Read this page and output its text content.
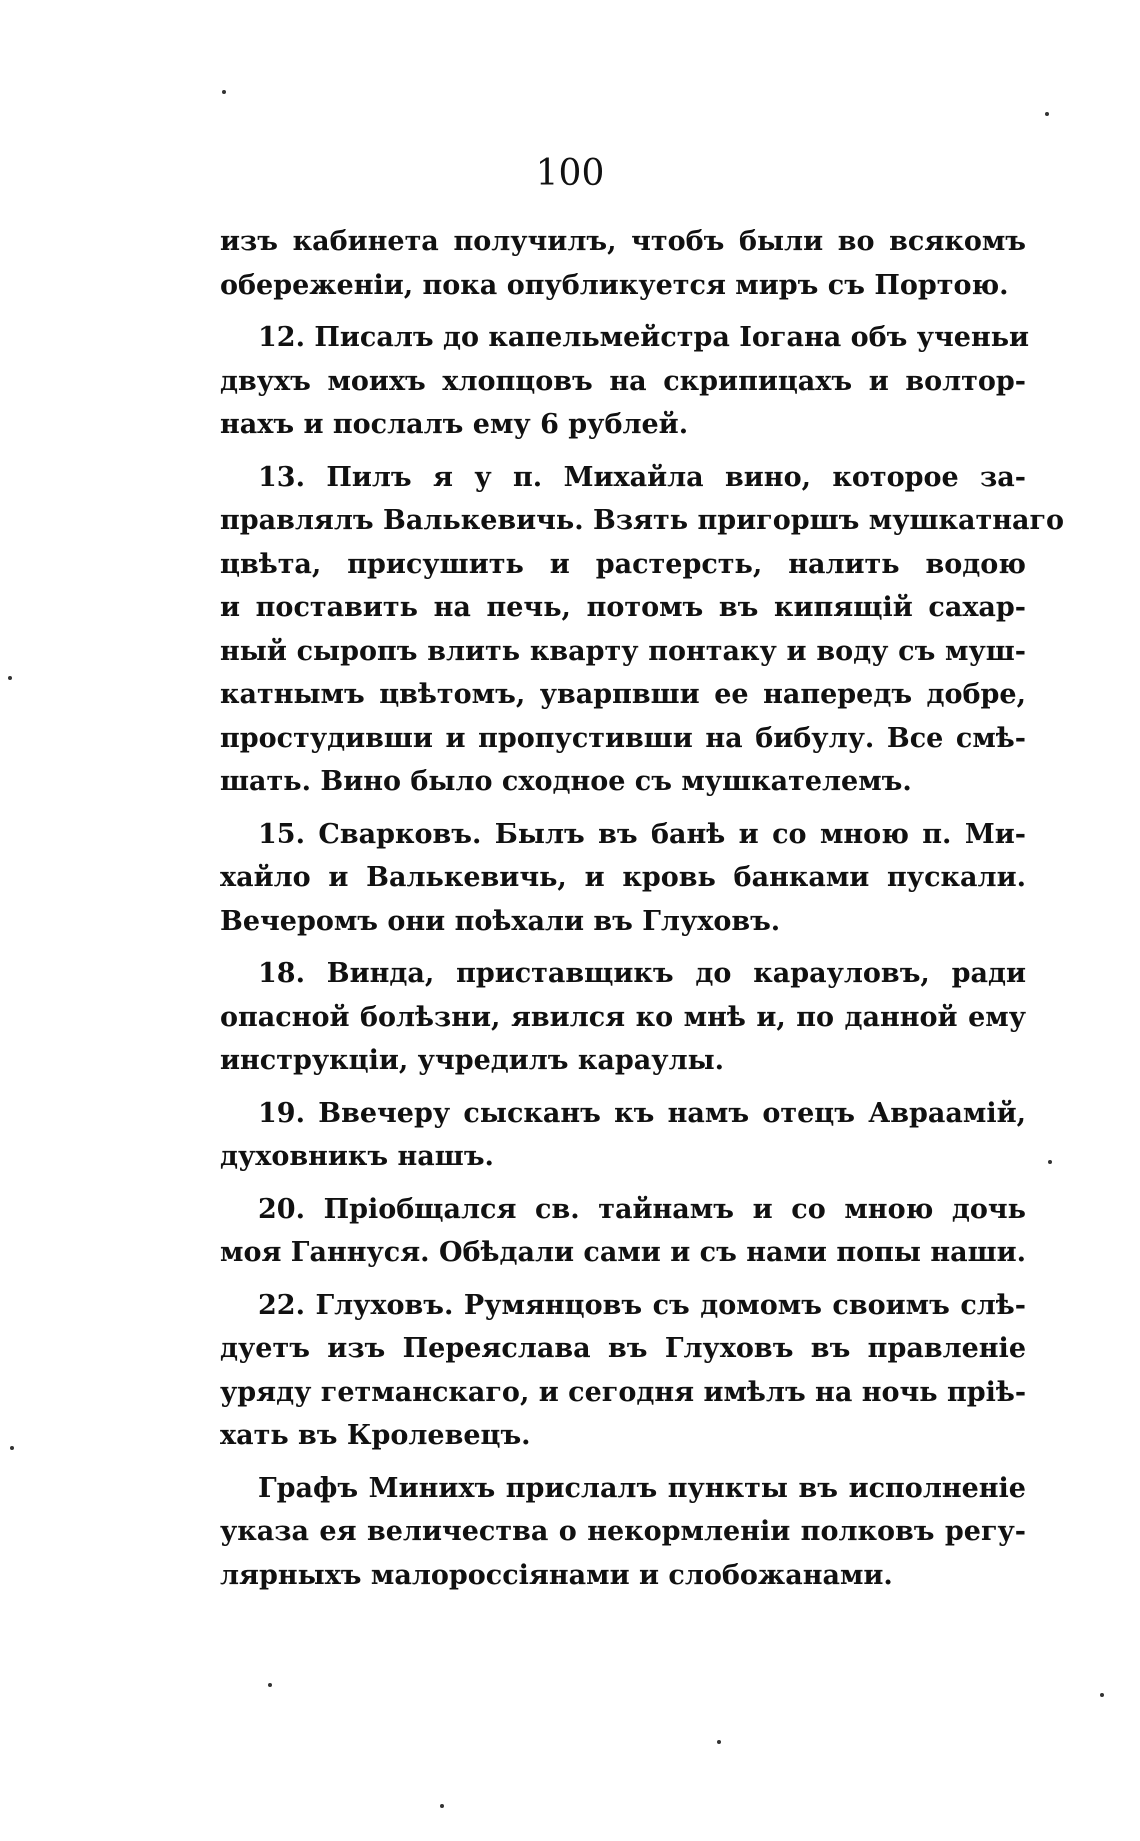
100
изъ кабинета получилъ, чтобъ были во всякомъ
обереженіи, пока опубликуется миръ съ Портою.
12. Писалъ до капельмейстра Іогана объ ученьи
двухъ моихъ хлопцовъ на скрипицахъ и волтор-
нахъ и послалъ ему 6 рублей.
13. Пилъ я у п. Михайла вино, которое за-
правлялъ Валькевичь. Взять пригоршъ мушкатнаго
цвѣта, присушить и растерсть, налить водою
и поставить на печь, потомъ въ кипящій сахар-
ный сыропъ влить кварту понтаку и воду съ муш-
катнымъ цвѣтомъ, уварпвши ее напередъ добре,
простудивши и пропустивши на бибулу. Все смѣ-
шать. Вино было сходное съ мушкателемъ.
15. Сварковъ. Былъ въ банѣ и со мною п. Ми-
хайло и Валькевичь, и кровь банками пускали.
Вечеромъ они поѣхали въ Глуховъ.
18. Винда, приставщикъ до карауловъ, ради
опасной болѣзни, явился ко мнѣ и, по данной ему
инструкціи, учредилъ караулы.
19. Ввечеру сысканъ къ намъ отецъ Авраамій,
духовникъ нашъ.
20. Пріобщался св. тайнамъ и со мною дочь
моя Ганнуся. Обѣдали сами и съ нами попы наши.
22. Глуховъ. Румянцовъ съ домомъ своимъ слѣ-
дуетъ изъ Переяслава въ Глуховъ въ правленіе
уряду гетманскаго, и сегодня имѣлъ на ночь пріѣ-
хать въ Кролевецъ.
Графъ Минихъ прислалъ пункты въ исполненіе
указа ея величества о некормленіи полковъ регу-
лярныхъ малороссіянами и слобожанами.
